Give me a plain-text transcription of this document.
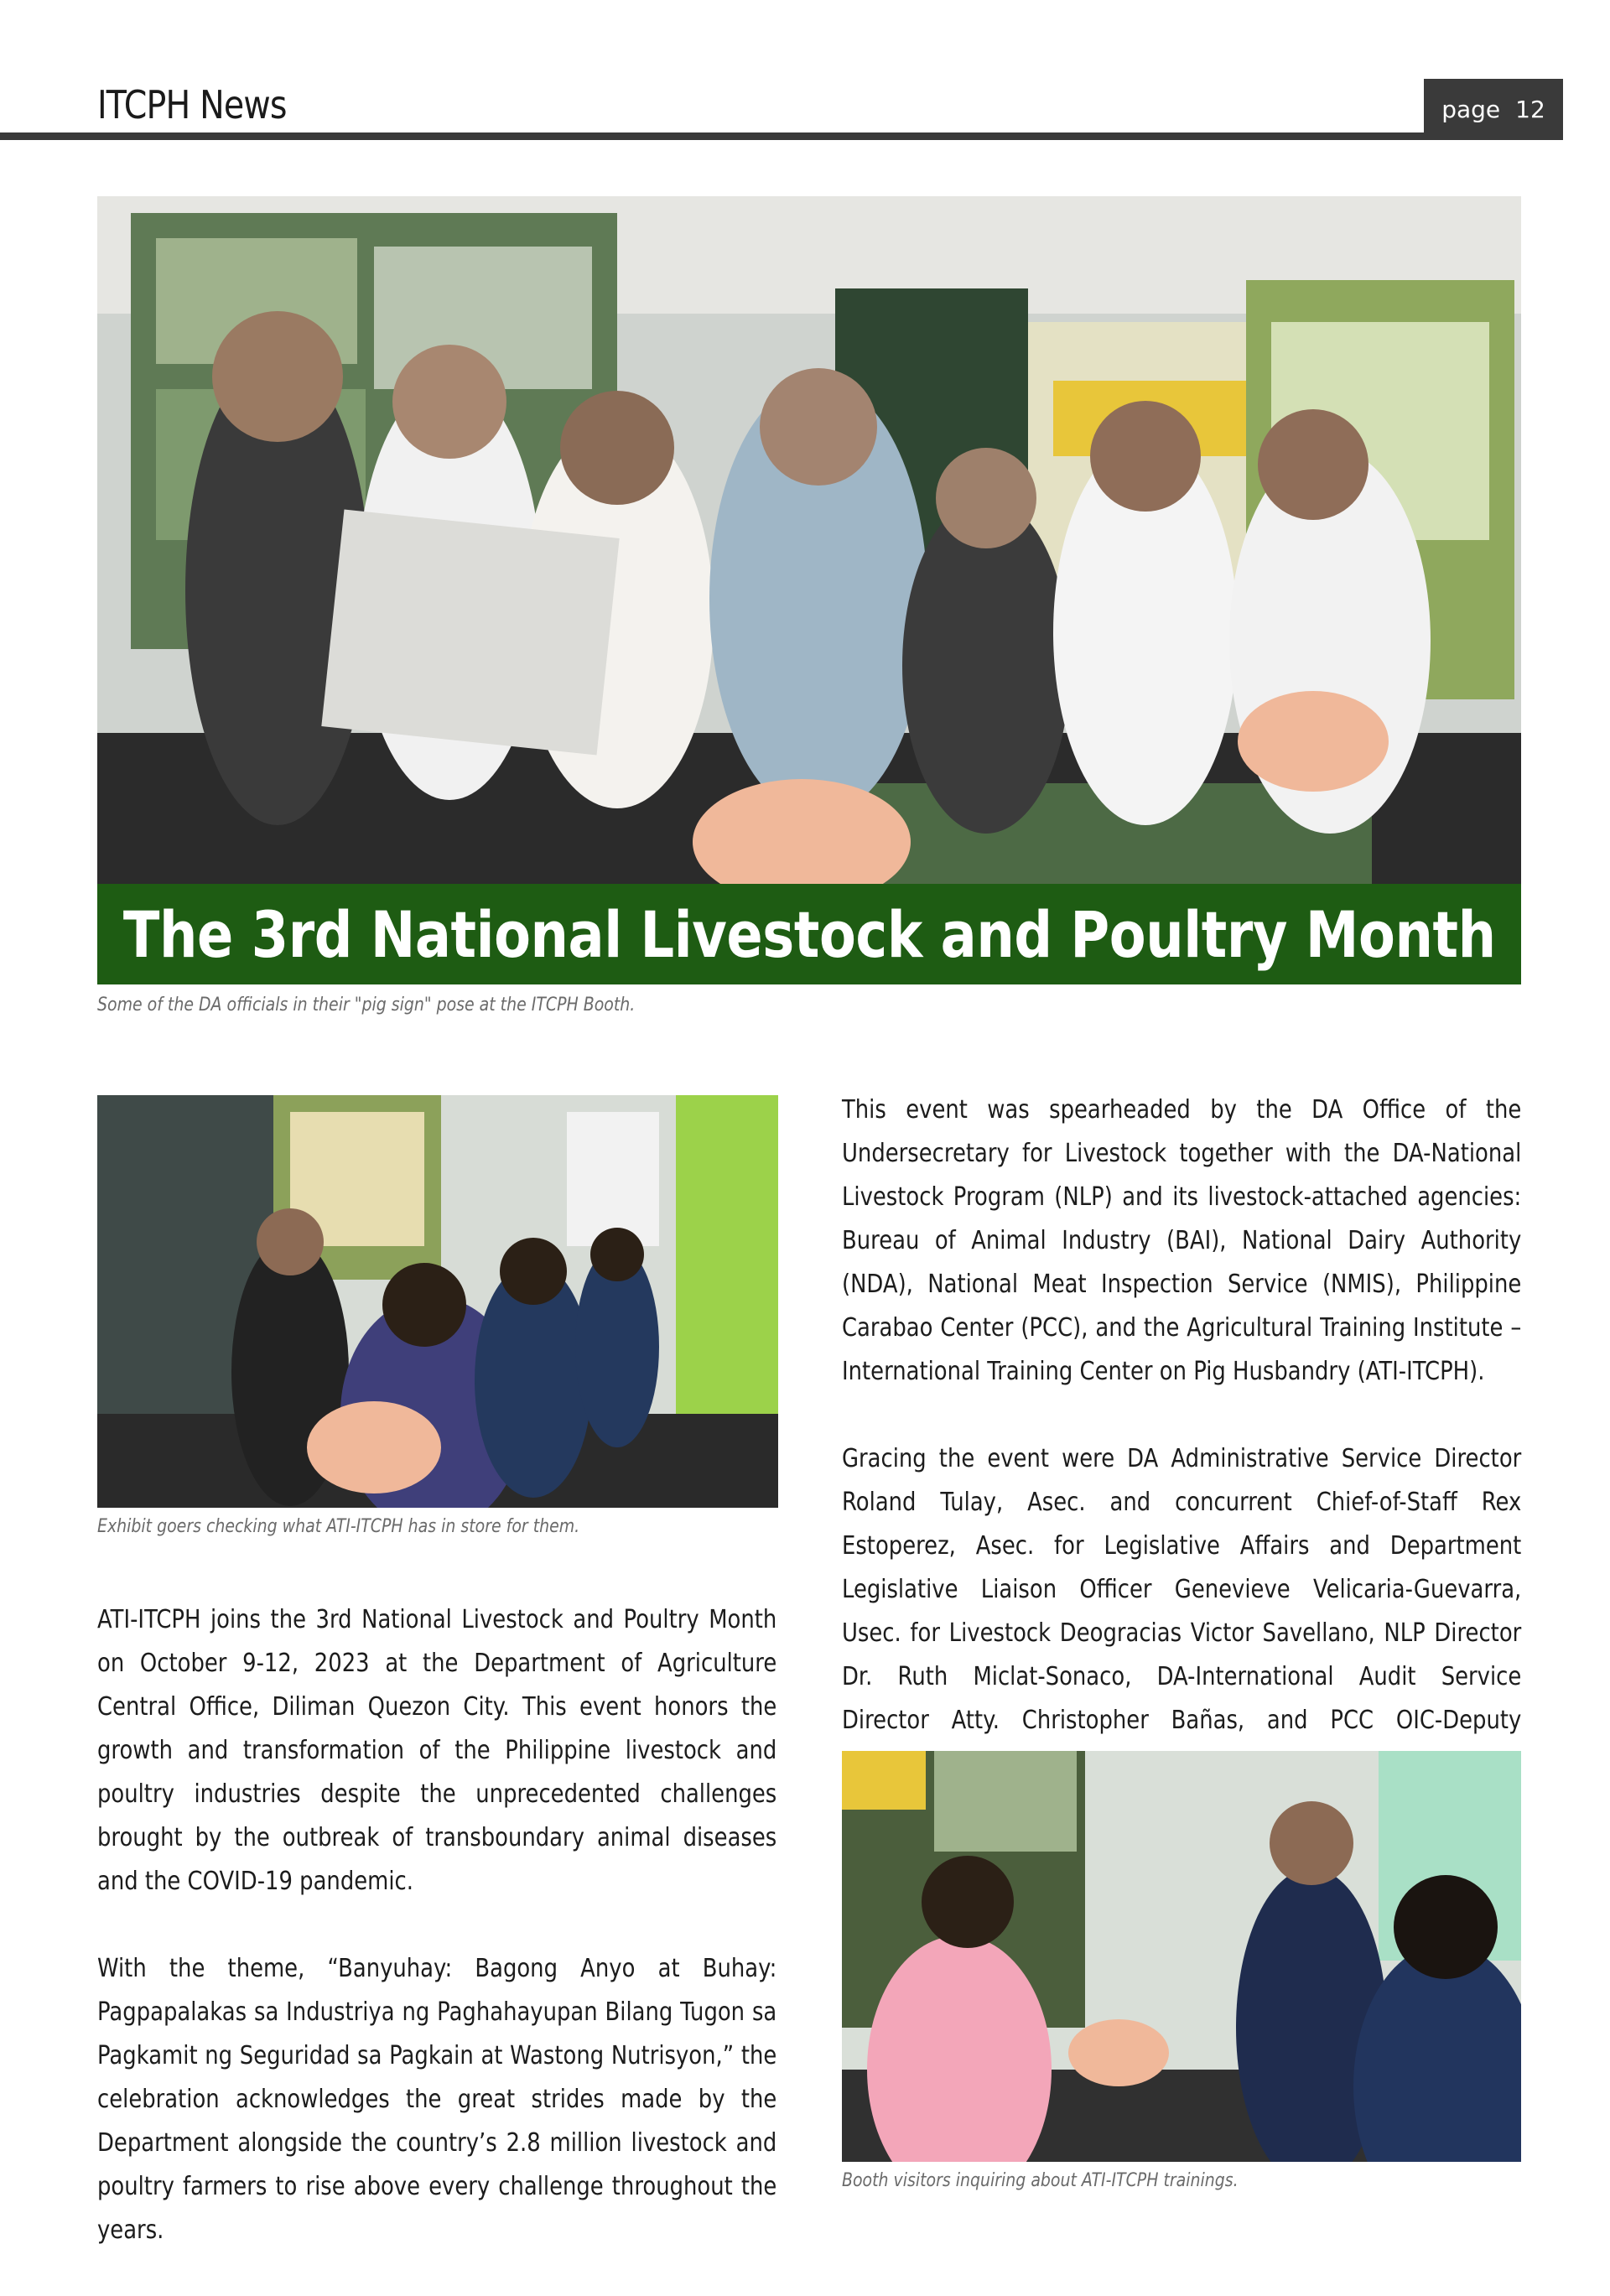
ITCPH News	page 12
The 3rd National Livestock and Poultry Month
Some of the DA officials in their "pig sign" pose at the ITCPH Booth.
Exhibit goers checking what ATI-ITCPH has in store for them.

ATI-ITCPH joins the 3rd National Livestock and Poultry Month on October 9-12, 2023 at the Department of Agriculture Central Office, Diliman Quezon City. This event honors the growth and transformation of the Philippine livestock and poultry industries despite the unprecedented challenges brought by the outbreak of transboundary animal diseases and the COVID-19 pandemic.

With the theme, “Banyuhay: Bagong Anyo at Buhay: Pagpapalakas sa Industriya ng Paghahayupan Bilang Tugon sa Pagkamit ng Seguridad sa Pagkain at Wastong Nutrisyon,” the celebration acknowledges the great strides made by the Department alongside the country’s 2.8 million livestock and poultry farmers to rise above every challenge throughout the years.

This event was spearheaded by the DA Office of the Undersecretary for Livestock together with the DA-National Livestock Program (NLP) and its livestock-attached agencies: Bureau of Animal Industry (BAI), National Dairy Authority (NDA), National Meat Inspection Service (NMIS), Philippine Carabao Center (PCC), and the Agricultural Training Institute – International Training Center on Pig Husbandry (ATI-ITCPH).

Gracing the event were DA Administrative Service Director Roland Tulay, Asec. and concurrent Chief-of-Staff Rex Estoperez, Asec. for Legislative Affairs and Department Legislative Liaison Officer Genevieve Velicaria-Guevarra, Usec. for Livestock Deogracias Victor Savellano, NLP Director Dr. Ruth Miclat-Sonaco, DA-International Audit Service Director Atty. Christopher Bañas, and PCC OIC-Deputy

Booth visitors inquiring about ATI-ITCPH trainings.
